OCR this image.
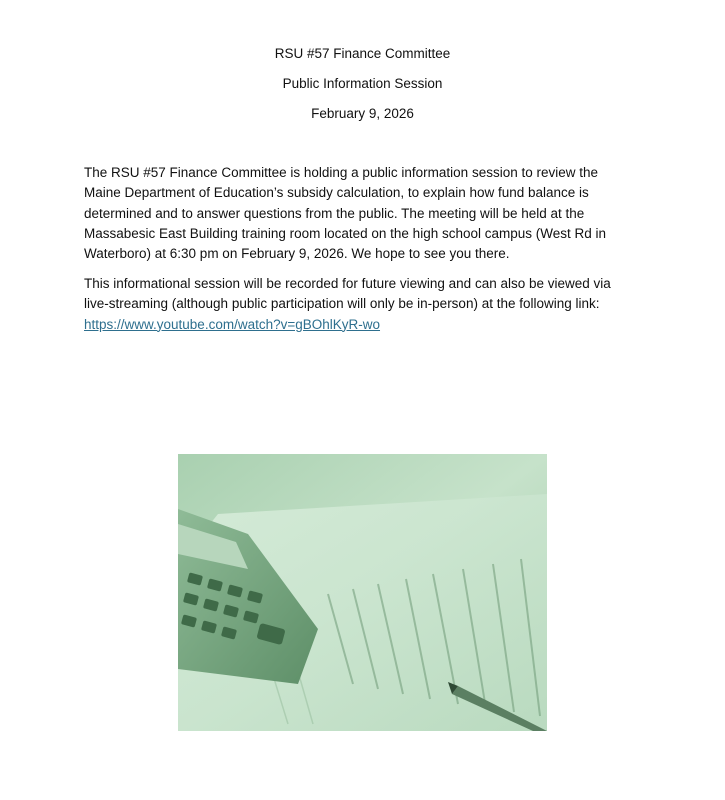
RSU #57 Finance Committee
Public Information Session
February 9, 2026

The RSU #57 Finance Committee is holding a public information session to review the Maine Department of Education’s subsidy calculation, to explain how fund balance is determined and to answer questions from the public. The meeting will be held at the Massabesic East Building training room located on the high school campus (West Rd in Waterboro) at 6:30 pm on February 9, 2026. We hope to see you there.

This informational session will be recorded for future viewing and can also be viewed via live-streaming (although public participation will only be in-person) at the following link: https://www.youtube.com/watch?v=gBOhlKyR-wo
